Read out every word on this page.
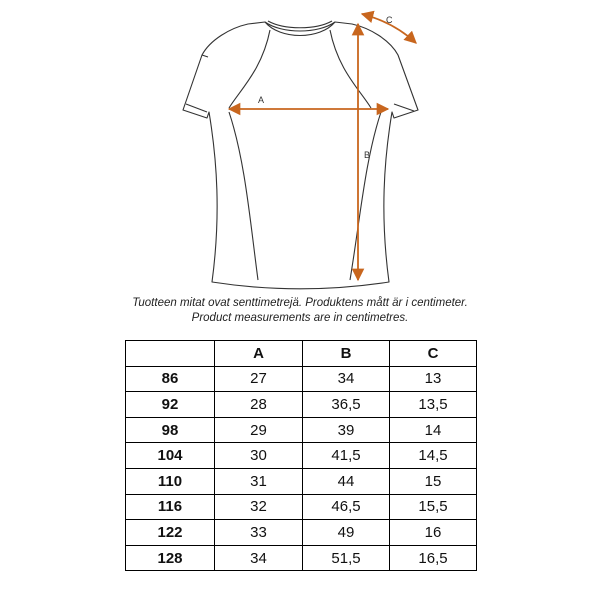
A
B
C
Tuotteen mitat ovat senttimetrejä. Produktens mått är i centimeter.
Product measurements are in centimetres.
	A	B	C
86	27	34	13
92	28	36,5	13,5
98	29	39	14
104	30	41,5	14,5
110	31	44	15
116	32	46,5	15,5
122	33	49	16
128	34	51,5	16,5
